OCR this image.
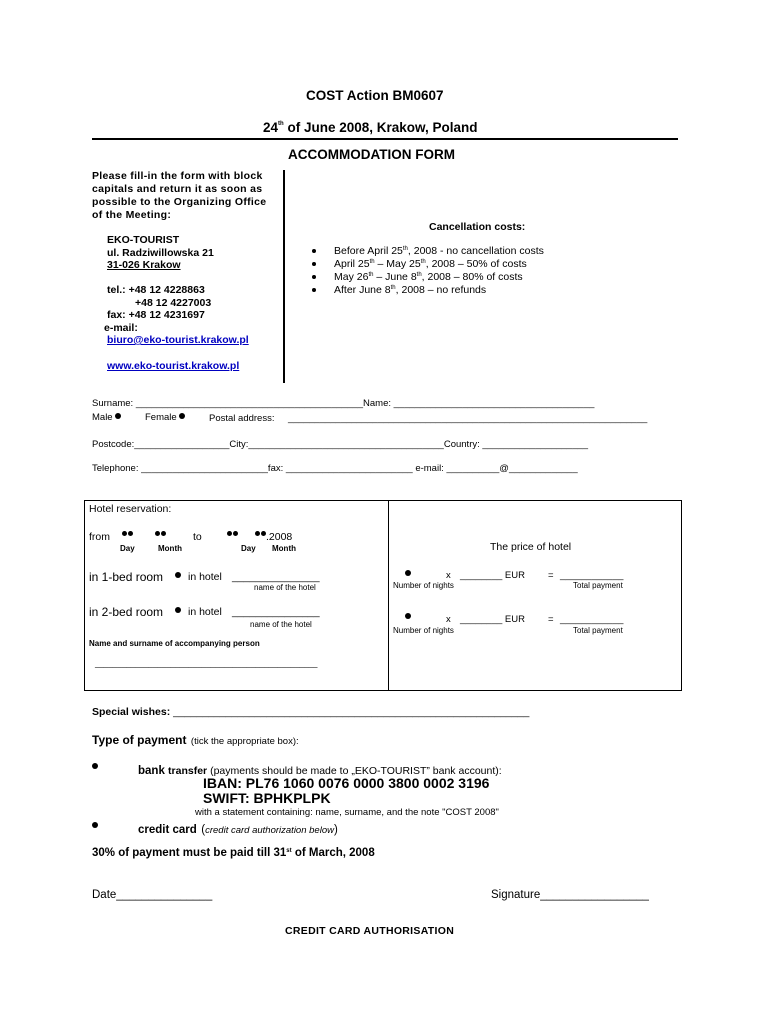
COST Action BM0607
24th of June 2008, Krakow, Poland
ACCOMMODATION FORM
Please fill-in the form with block
capitals and return it as soon as
possible to the Organizing Office
of the Meeting:
EKO-TOURIST
ul. Radziwillowska 21
31-026 Krakow
tel.: +48 12 4228863
+48 12 4227003
fax: +48 12 4231697
e-mail:
biuro@eko-tourist.krakow.pl
www.eko-tourist.krakow.pl
Cancellation costs:
Before April 25th, 2008 - no cancellation costs
April 25th – May 25th, 2008 – 50% of costs
May 26th – June 8th, 2008 – 80% of costs
After June 8th, 2008 – no refunds
Surname: ___________________________________________Name: ______________________________________
Male	Female	Postal address: ____________________________________________________________________
Postcode:__________________City:_____________________________________Country: ____________________
Telephone: ________________________fax: ________________________ e-mail: __________@_____________
Hotel reservation:
from	to	.2008
Day	Month	Day Month
in 1-bed room in hotel _______________
name of the hotel
in 2-bed room in hotel _______________
name of the hotel
Name and surname of accompanying person
__________________________________________________
The price of hotel
x ________ EUR = ____________
Number of nights	Total payment
x ________ EUR = ____________
Number of nights	Total payment
Special wishes: _____________________________________________________________
Type of payment (tick the appropriate box):
bank transfer (payments should be made to „EKO-TOURIST” bank account):
IBAN: PL76 1060 0076 0000 3800 0002 3196
SWIFT: BPHKPLPK
with a statement containing: name, surname, and the note "COST 2008"
credit card (credit card authorization below)
30% of payment must be paid till 31st of March, 2008
Date_______________	Signature_________________
CREDIT CARD AUTHORISATION
